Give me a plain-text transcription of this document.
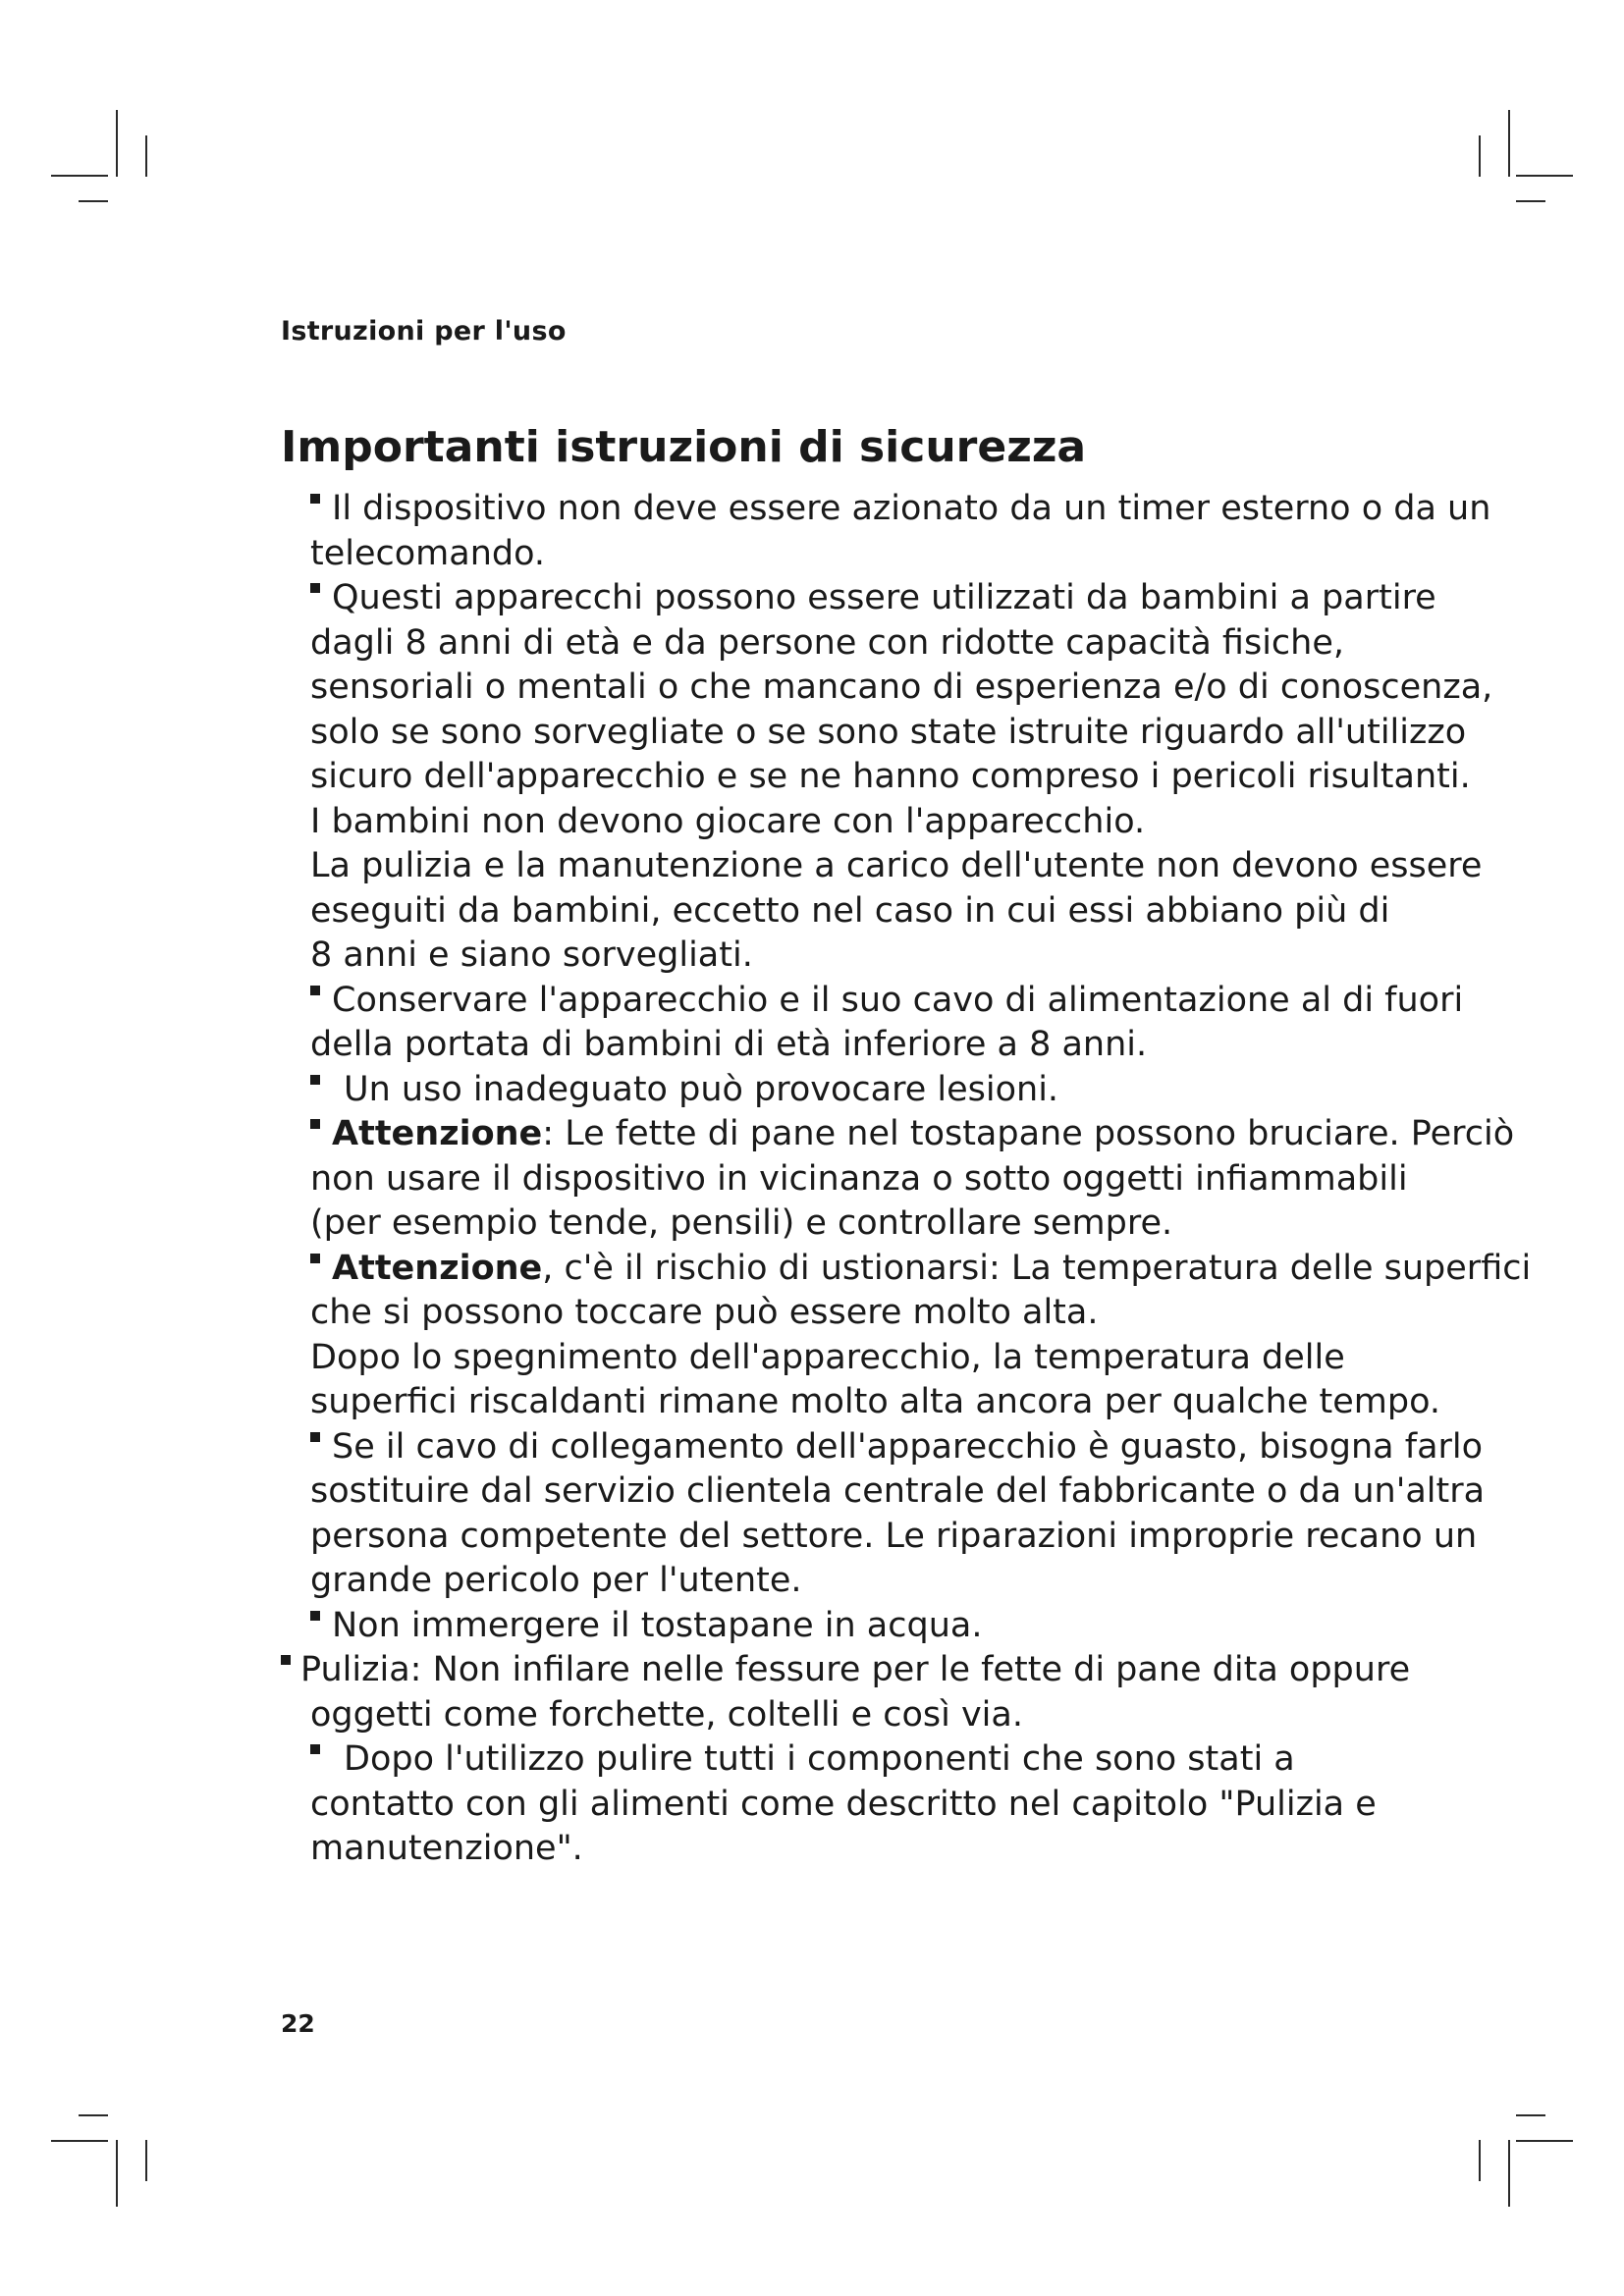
Istruzioni per l'uso
Importanti istruzioni di sicurezza
Il dispositivo non deve essere azionato da un timer esterno o da un
telecomando.
Questi apparecchi possono essere utilizzati da bambini a partire
dagli 8 anni di età e da persone con ridotte capacità fisiche,
sensoriali o mentali o che mancano di esperienza e/o di conoscenza,
solo se sono sorvegliate o se sono state istruite riguardo all'utilizzo
sicuro dell'apparecchio e se ne hanno compreso i pericoli risultanti.
I bambini non devono giocare con l'apparecchio.
La pulizia e la manutenzione a carico dell'utente non devono essere
eseguiti da bambini, eccetto nel caso in cui essi abbiano più di
8 anni e siano sorvegliati.
Conservare l'apparecchio e il suo cavo di alimentazione al di fuori
della portata di bambini di età inferiore a 8 anni.
Un uso inadeguato può provocare lesioni.
Attenzione: Le fette di pane nel tostapane possono bruciare. Perciò
non usare il dispositivo in vicinanza o sotto oggetti infiammabili
(per esempio tende, pensili) e controllare sempre.
Attenzione, c'è il rischio di ustionarsi: La temperatura delle superfici
che si possono toccare può essere molto alta.
Dopo lo spegnimento dell'apparecchio, la temperatura delle
superfici riscaldanti rimane molto alta ancora per qualche tempo.
Se il cavo di collegamento dell'apparecchio è guasto, bisogna farlo
sostituire dal servizio clientela centrale del fabbricante o da un'altra
persona competente del settore. Le riparazioni improprie recano un
grande pericolo per l'utente.
Non immergere il tostapane in acqua.
Pulizia: Non infilare nelle fessure per le fette di pane dita oppure
oggetti come forchette, coltelli e così via.
Dopo l'utilizzo pulire tutti i componenti che sono stati a
contatto con gli alimenti come descritto nel capitolo "Pulizia e
manutenzione".
22
